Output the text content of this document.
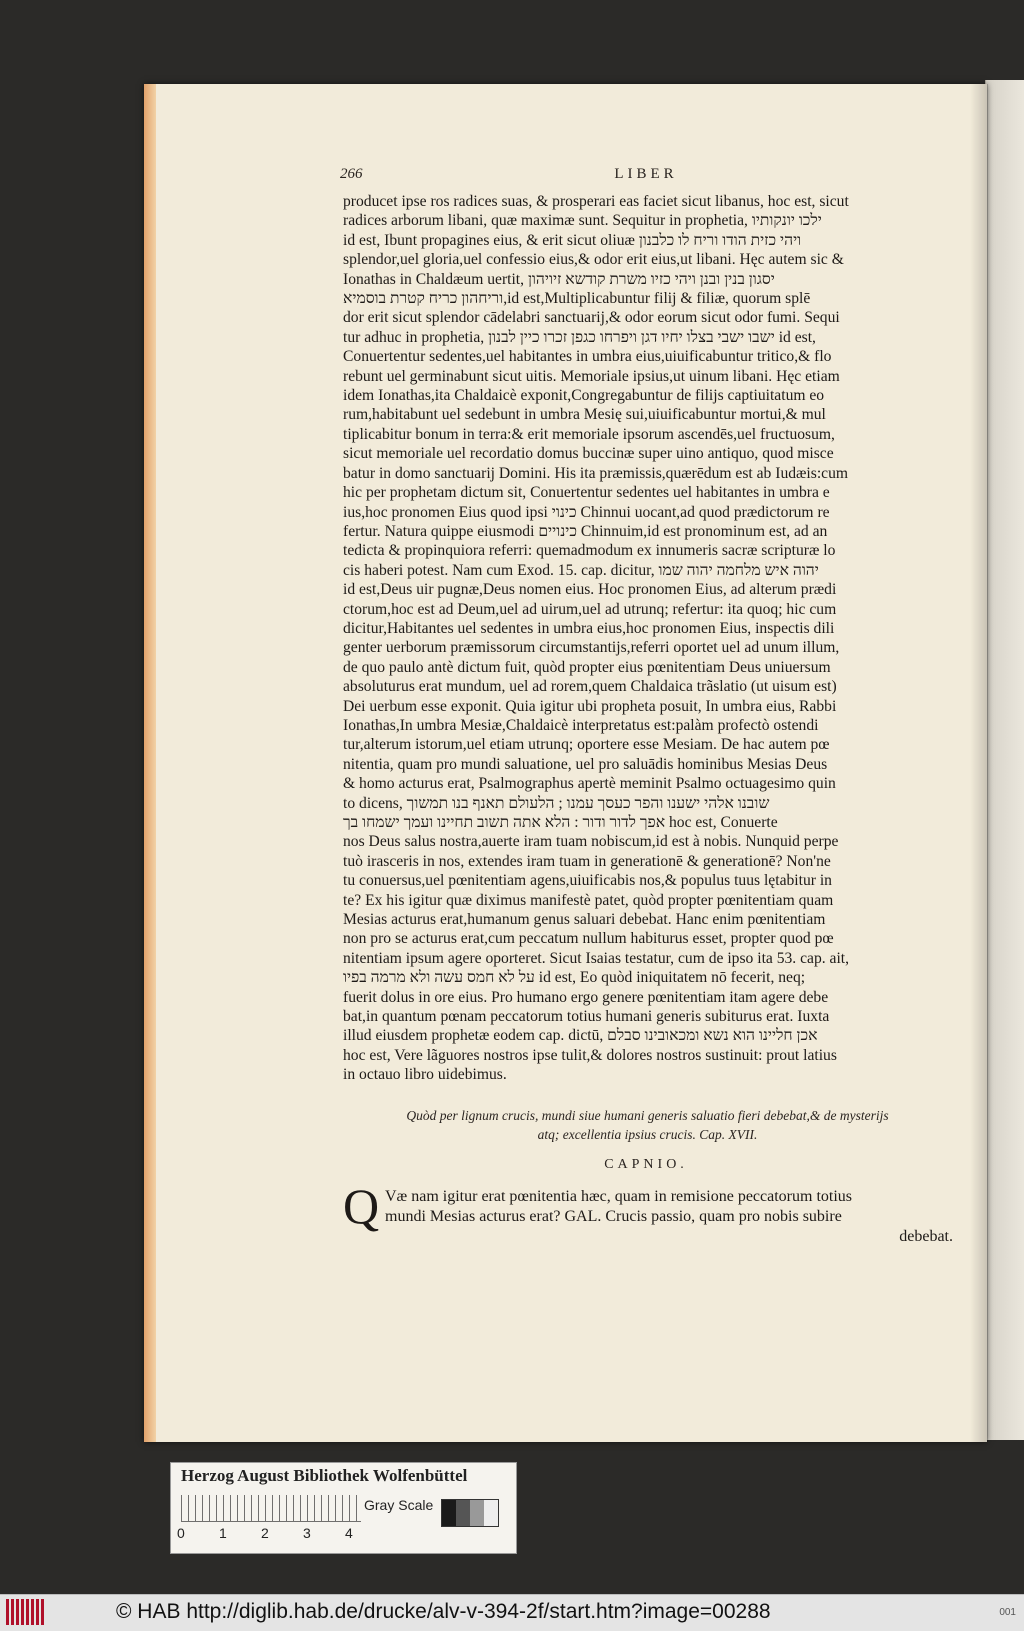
266	LIBER
producet ipse ros radices suas, & prosperari eas faciet sicut libanus, hoc est, sicut
radices arborum libani, quæ maximæ sunt. Sequitur in prophetia, ילכו יונקותיו
id est, Ibunt propagines eius, & erit sicut oliuæ ויהי כזית הודו וריח לו כלבנון
splendor,uel gloria,uel confessio eius,& odor erit eius,ut libani. Hęc autem sic &
Ionathas in Chaldæum uertit, יסגון בנין ובנן ויהי כזיו משרת קודשא זיויהון
וריחהון כריח קטרת בוסמיא,id est,Multiplicabuntur filij & filiæ, quorum splē
dor erit sicut splendor cādelabri sanctuarij,& odor eorum sicut odor fumi. Sequi
tur adhuc in prophetia, ישבו ישבי בצלו יחיו דגן ויפרחו כגפן זכרו כיין לבנון id est,
Conuertentur sedentes,uel habitantes in umbra eius,uiuificabuntur tritico,& flo
rebunt uel germinabunt sicut uitis. Memoriale ipsius,ut uinum libani. Hęc etiam
idem Ionathas,ita Chaldaicè exponit,Congregabuntur de filijs captiuitatum eo
rum,habitabunt uel sedebunt in umbra Mesię sui,uiuificabuntur mortui,& mul
tiplicabitur bonum in terra:& erit memoriale ipsorum ascendēs,uel fructuosum,
sicut memoriale uel recordatio domus buccinæ super uino antiquo, quod misce
batur in domo sanctuarij Domini. His ita præmissis,quærēdum est ab Iudæis:cum
hic per prophetam dictum sit, Conuertentur sedentes uel habitantes in umbra e
ius,hoc pronomen Eius quod ipsi כינוי Chinnui uocant,ad quod prædictorum re
fertur. Natura quippe eiusmodi כינויים Chinnuim,id est pronominum est, ad an
tedicta & propinquiora referri: quemadmodum ex innumeris sacræ scripturæ lo
cis haberi potest. Nam cum Exod. 15. cap. dicitur, יהוה איש מלחמה יהוה שמו
id est,Deus uir pugnæ,Deus nomen eius. Hoc pronomen Eius, ad alterum prædi
ctorum,hoc est ad Deum,uel ad uirum,uel ad utrunq; refertur: ita quoq; hic cum
dicitur,Habitantes uel sedentes in umbra eius,hoc pronomen Eius, inspectis dili
genter uerborum præmissorum circumstantijs,referri oportet uel ad unum illum,
de quo paulo antè dictum fuit, quòd propter eius pœnitentiam Deus uniuersum
absoluturus erat mundum, uel ad rorem,quem Chaldaica trãslatio (ut uisum est)
Dei uerbum esse exponit. Quia igitur ubi propheta posuit, In umbra eius, Rabbi
Ionathas,In umbra Mesiæ,Chaldaicè interpretatus est:palàm profectò ostendi
tur,alterum istorum,uel etiam utrunq; oportere esse Mesiam. De hac autem pœ
nitentia, quam pro mundi saluatione, uel pro saluādis hominibus Mesias Deus
& homo acturus erat, Psalmographus apertè meminit Psalmo octuagesimo quin
to dicens, שובנו אלהי ישענו והפר כעסך עמנו ; הלעולם תאנף בנו תמשוך
אפך לדור ודור : הלא אתה תשוב תחיינו ועמך ישמחו בך hoc est, Conuerte
nos Deus salus nostra,auerte iram tuam nobiscum,id est à nobis. Nunquid perpe
tuò irasceris in nos, extendes iram tuam in generationē & generationē? Non'ne
tu conuersus,uel pœnitentiam agens,uiuificabis nos,& populus tuus lętabitur in
te? Ex his igitur quæ diximus manifestè patet, quòd propter pœnitentiam quam
Mesias acturus erat,humanum genus saluari debebat. Hanc enim pœnitentiam
non pro se acturus erat,cum peccatum nullum habiturus esset, propter quod pœ
nitentiam ipsum agere oporteret. Sicut Isaias testatur, cum de ipso ita 53. cap. ait,
על לא חמס עשה ולא מרמה בפיו id est, Eo quòd iniquitatem nō fecerit, neq;
fuerit dolus in ore eius. Pro humano ergo genere pœnitentiam itam agere debe
bat,in quantum pœnam peccatorum totius humani generis subiturus erat. Iuxta
illud eiusdem prophetæ eodem cap. dictū, אכן חליינו הוא נשא ומכאובינו סבלם
hoc est, Vere lãguores nostros ipse tulit,& dolores nostros sustinuit: prout latius
in octauo libro uidebimus.
Quòd per lignum crucis, mundi siue humani generis saluatio fieri debebat,& de mysterijs
atq; excellentia ipsius crucis. Cap. XVII.
CAPNIO.
Q Væ nam igitur erat pœnitentia hæc, quam in remisione peccatorum totius
mundi Mesias acturus erat? GAL. Crucis passio, quam pro nobis subire
debebat.
Herzog August Bibliothek Wolfenbüttel
0 1 2 3 4
Gray Scale
© HAB http://diglib.hab.de/drucke/alv-v-394-2f/start.htm?image=00288	001
